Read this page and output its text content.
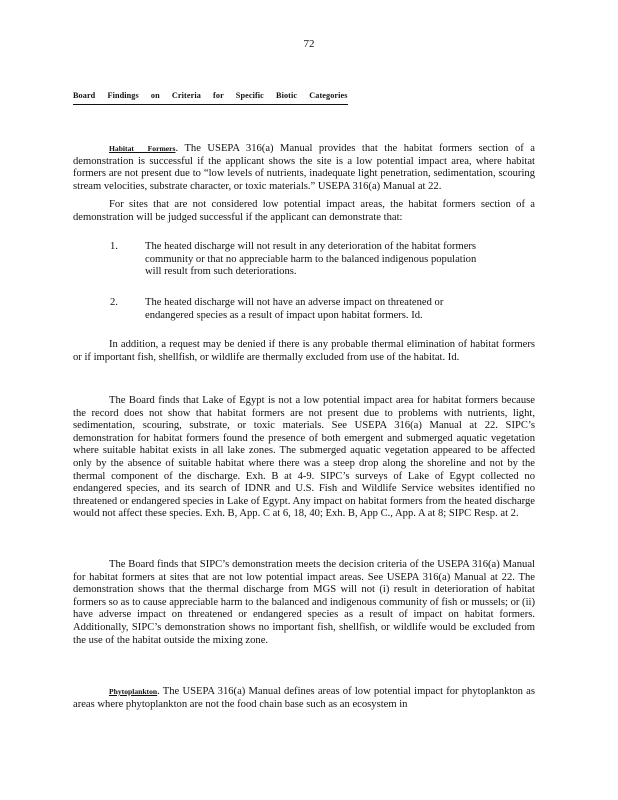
72
Board Findings on Criteria for Specific Biotic Categories
Habitat Formers. The USEPA 316(a) Manual provides that the habitat formers section of a demonstration is successful if the applicant shows the site is a low potential impact area, where habitat formers are not present due to “low levels of nutrients, inadequate light penetration, sedimentation, scouring stream velocities, substrate character, or toxic materials.” USEPA 316(a) Manual at 22.
For sites that are not considered low potential impact areas, the habitat formers section of a demonstration will be judged successful if the applicant can demonstrate that:
1.	The heated discharge will not result in any deterioration of the habitat formers community or that no appreciable harm to the balanced indigenous population will result from such deteriorations.
2.	The heated discharge will not have an adverse impact on threatened or endangered species as a result of impact upon habitat formers. Id.
In addition, a request may be denied if there is any probable thermal elimination of habitat formers or if important fish, shellfish, or wildlife are thermally excluded from use of the habitat. Id.
The Board finds that Lake of Egypt is not a low potential impact area for habitat formers because the record does not show that habitat formers are not present due to problems with nutrients, light, sedimentation, scouring, substrate, or toxic materials. See USEPA 316(a) Manual at 22. SIPC’s demonstration for habitat formers found the presence of both emergent and submerged aquatic vegetation where suitable habitat exists in all lake zones. The submerged aquatic vegetation appeared to be affected only by the absence of suitable habitat where there was a steep drop along the shoreline and not by the thermal component of the discharge. Exh. B at 4-9. SIPC’s surveys of Lake of Egypt collected no endangered species, and its search of IDNR and U.S. Fish and Wildlife Service websites identified no threatened or endangered species in Lake of Egypt. Any impact on habitat formers from the heated discharge would not affect these species. Exh. B, App. C at 6, 18, 40; Exh. B, App C., App. A at 8; SIPC Resp. at 2.
The Board finds that SIPC’s demonstration meets the decision criteria of the USEPA 316(a) Manual for habitat formers at sites that are not low potential impact areas. See USEPA 316(a) Manual at 22. The demonstration shows that the thermal discharge from MGS will not (i) result in deterioration of habitat formers so as to cause appreciable harm to the balanced and indigenous community of fish or mussels; or (ii) have adverse impact on threatened or endangered species as a result of impact on habitat formers. Additionally, SIPC’s demonstration shows no important fish, shellfish, or wildlife would be excluded from the use of the habitat outside the mixing zone.
Phytoplankton. The USEPA 316(a) Manual defines areas of low potential impact for phytoplankton as areas where phytoplankton are not the food chain base such as an ecosystem in
